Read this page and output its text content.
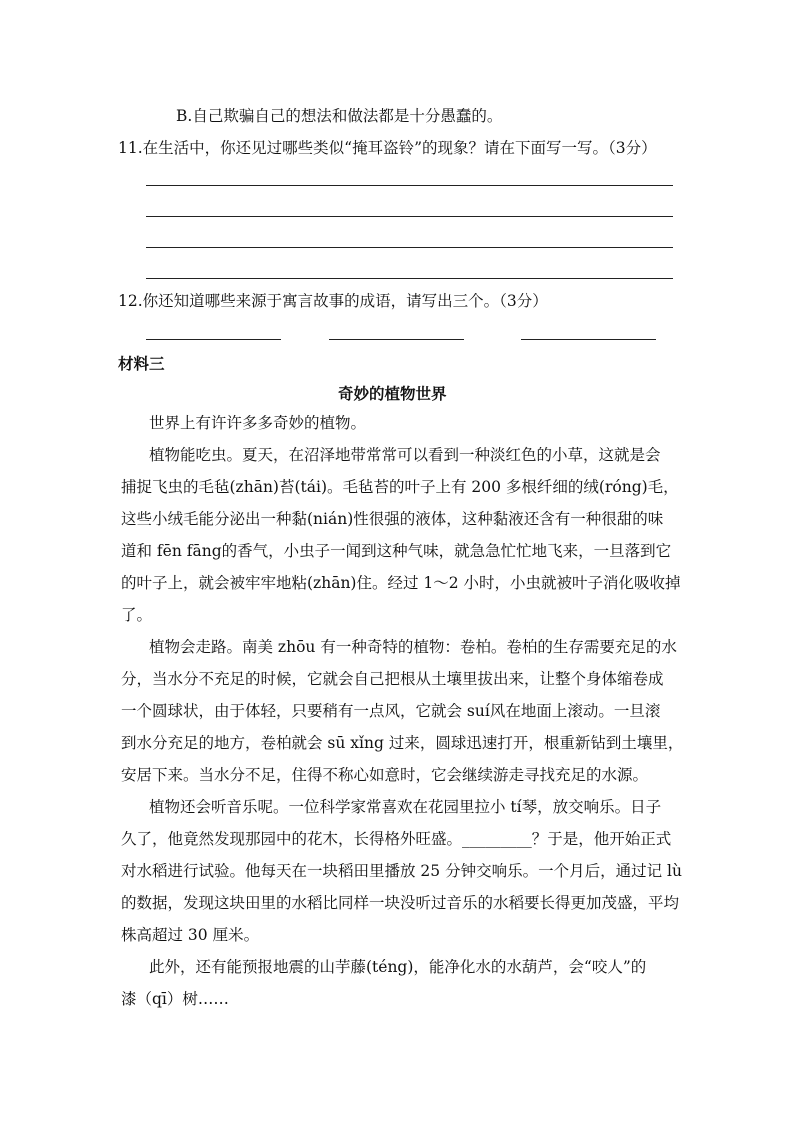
B.自己欺骗自己的想法和做法都是十分愚蠢的。
11.在生活中，你还见过哪些类似“掩耳盗铃”的现象？请在下面写一写。（3分）
12.你还知道哪些来源于寓言故事的成语，请写出三个。（3分）
材料三
奇妙的植物世界
世界上有许许多多奇妙的植物。
植物能吃虫。夏天，在沼泽地带常常可以看到一种淡红色的小草，这就是会
捕捉飞虫的毛毡(zhān)苔(tái)。毛毡苔的叶子上有 200 多根纤细的绒(róng)毛，
这些小绒毛能分泌出一种黏(nián)性很强的液体，这种黏液还含有一种很甜的味
道和 fēn fāng的香气，小虫子一闻到这种气味，就急急忙忙地飞来，一旦落到它
的叶子上，就会被牢牢地粘(zhān)住。经过 1～2 小时，小虫就被叶子消化吸收掉
了。
植物会走路。南美 zhōu 有一种奇特的植物：卷柏。卷柏的生存需要充足的水
分，当水分不充足的时候，它就会自己把根从土壤里拔出来，让整个身体缩卷成
一个圆球状，由于体轻，只要稍有一点风，它就会 suí风在地面上滚动。一旦滚
到水分充足的地方，卷柏就会 sū xǐng 过来，圆球迅速打开，根重新钻到土壤里，
安居下来。当水分不足，住得不称心如意时，它会继续游走寻找充足的水源。
植物还会听音乐呢。一位科学家常喜欢在花园里拉小 tí琴，放交响乐。日子
久了，他竟然发现那园中的花木，长得格外旺盛。_________？于是，他开始正式
对水稻进行试验。他每天在一块稻田里播放 25 分钟交响乐。一个月后，通过记 lù
的数据，发现这块田里的水稻比同样一块没听过音乐的水稻要长得更加茂盛，平均
株高超过 30 厘米。
此外，还有能预报地震的山芋藤(téng)，能净化水的水葫芦，会“咬人”的
漆（qī）树……
